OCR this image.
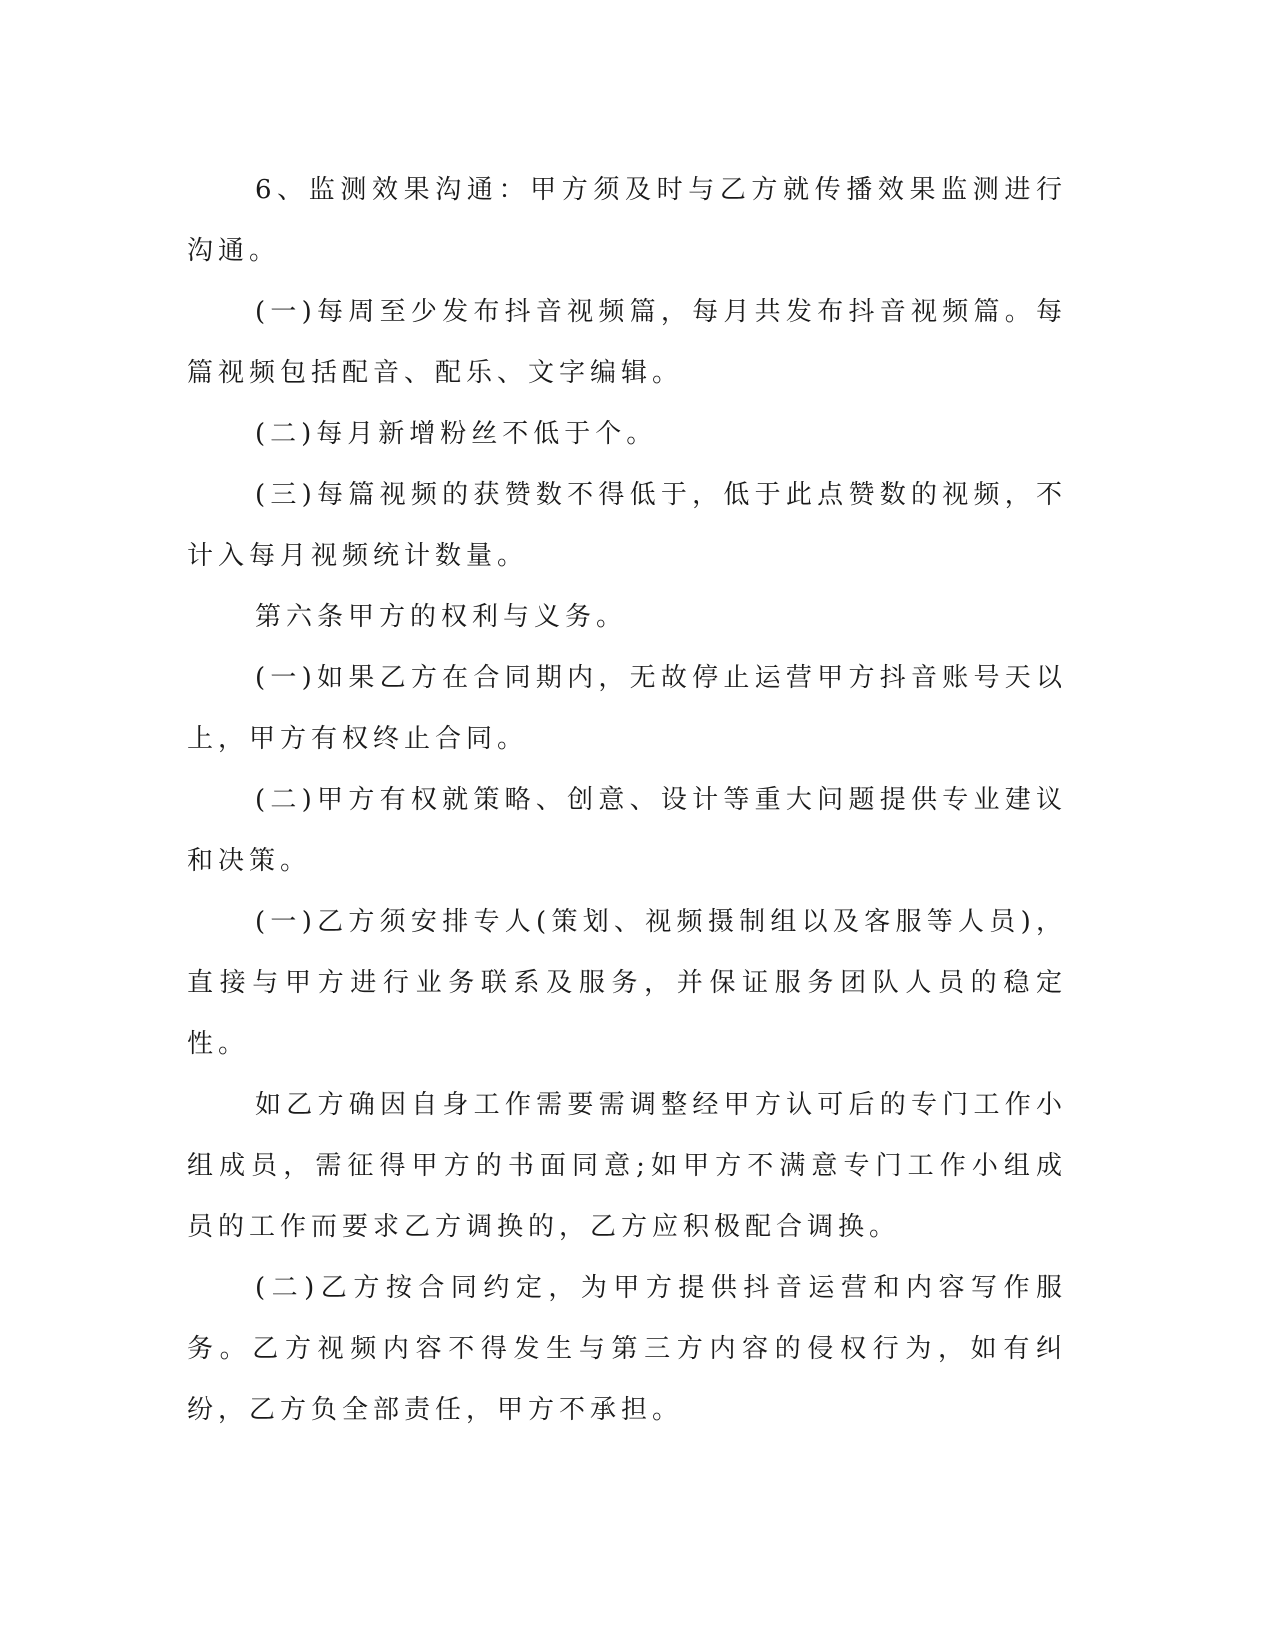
6、监测效果沟通：甲方须及时与乙方就传播效果监测进行沟通。

(一)每周至少发布抖音视频篇，每月共发布抖音视频篇。每篇视频包括配音、配乐、文字编辑。

(二)每月新增粉丝不低于个。

(三)每篇视频的获赞数不得低于，低于此点赞数的视频，不计入每月视频统计数量。

第六条甲方的权利与义务。

(一)如果乙方在合同期内，无故停止运营甲方抖音账号天以上，甲方有权终止合同。

(二)甲方有权就策略、创意、设计等重大问题提供专业建议和决策。

(一)乙方须安排专人(策划、视频摄制组以及客服等人员)，直接与甲方进行业务联系及服务，并保证服务团队人员的稳定性。

如乙方确因自身工作需要需调整经甲方认可后的专门工作小组成员，需征得甲方的书面同意;如甲方不满意专门工作小组成员的工作而要求乙方调换的，乙方应积极配合调换。

(二)乙方按合同约定，为甲方提供抖音运营和内容写作服务。乙方视频内容不得发生与第三方内容的侵权行为，如有纠纷，乙方负全部责任，甲方不承担。
